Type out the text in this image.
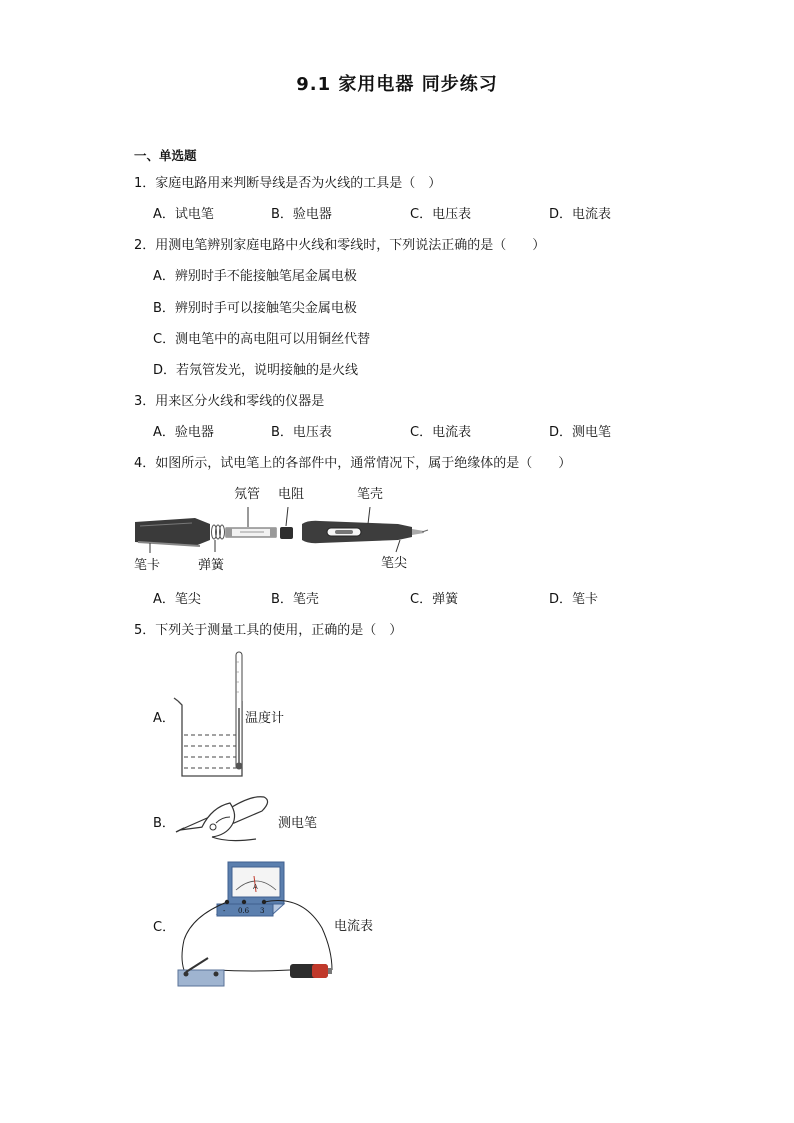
9.1 家用电器 同步练习
一、单选题
1．家庭电路用来判断导线是否为火线的工具是（　）
A．试电笔	B．验电器	C．电压表	D．电流表
2．用测电笔辨别家庭电路中火线和零线时，下列说法正确的是（　　）
A．辨别时手不能接触笔尾金属电极
B．辨别时手可以接触笔尖金属电极
C．测电笔中的高电阻可以用铜丝代替
D．若氖管发光，说明接触的是火线
3．用来区分火线和零线的仪器是
A．验电器	B．电压表	C．电流表	D．测电笔
4．如图所示，试电笔上的各部件中，通常情况下，属于绝缘体的是（　　）
氖管 电阻	笔壳
笔卡	弹簧	笔尖
A．笔尖	B．笔壳	C．弹簧	D．笔卡
5．下列关于测量工具的使用，正确的是（　）
A．	温度计
B．	测电笔
C．
A
- 0.6 3
电流表
